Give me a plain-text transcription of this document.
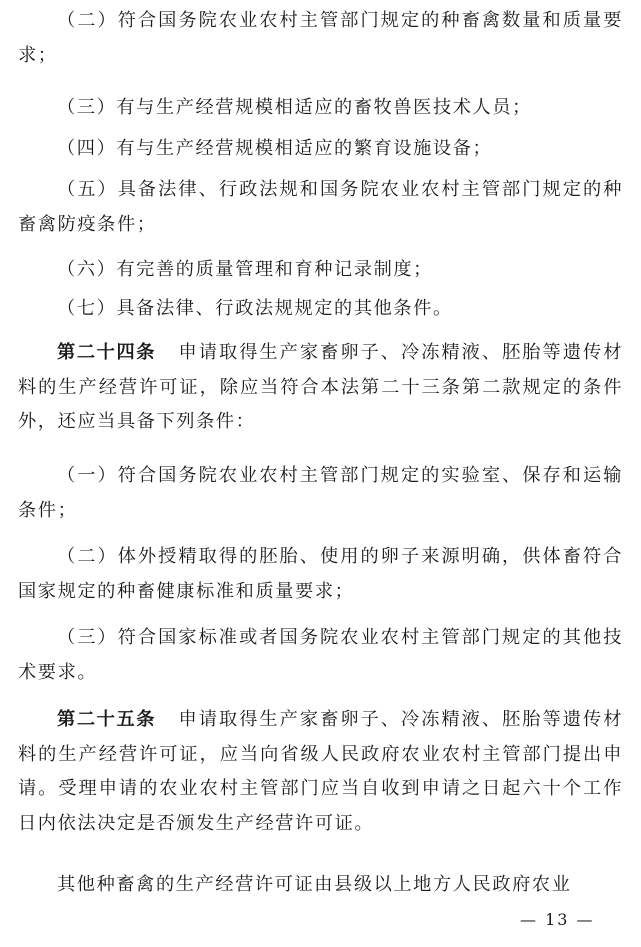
（二）符合国务院农业农村主管部门规定的种畜禽数量和质量要求；

（三）有与生产经营规模相适应的畜牧兽医技术人员；

（四）有与生产经营规模相适应的繁育设施设备；

（五）具备法律、行政法规和国务院农业农村主管部门规定的种畜禽防疫条件；

（六）有完善的质量管理和育种记录制度；

（七）具备法律、行政法规规定的其他条件。

第二十四条 申请取得生产家畜卵子、冷冻精液、胚胎等遗传材料的生产经营许可证，除应当符合本法第二十三条第二款规定的条件外，还应当具备下列条件：

（一）符合国务院农业农村主管部门规定的实验室、保存和运输条件；

（二）体外授精取得的胚胎、使用的卵子来源明确，供体畜符合国家规定的种畜健康标准和质量要求；

（三）符合国家标准或者国务院农业农村主管部门规定的其他技术要求。

第二十五条 申请取得生产家畜卵子、冷冻精液、胚胎等遗传材料的生产经营许可证，应当向省级人民政府农业农村主管部门提出申请。受理申请的农业农村主管部门应当自收到申请之日起六十个工作日内依法决定是否颁发生产经营许可证。

其他种畜禽的生产经营许可证由县级以上地方人民政府农业

— 13 —
